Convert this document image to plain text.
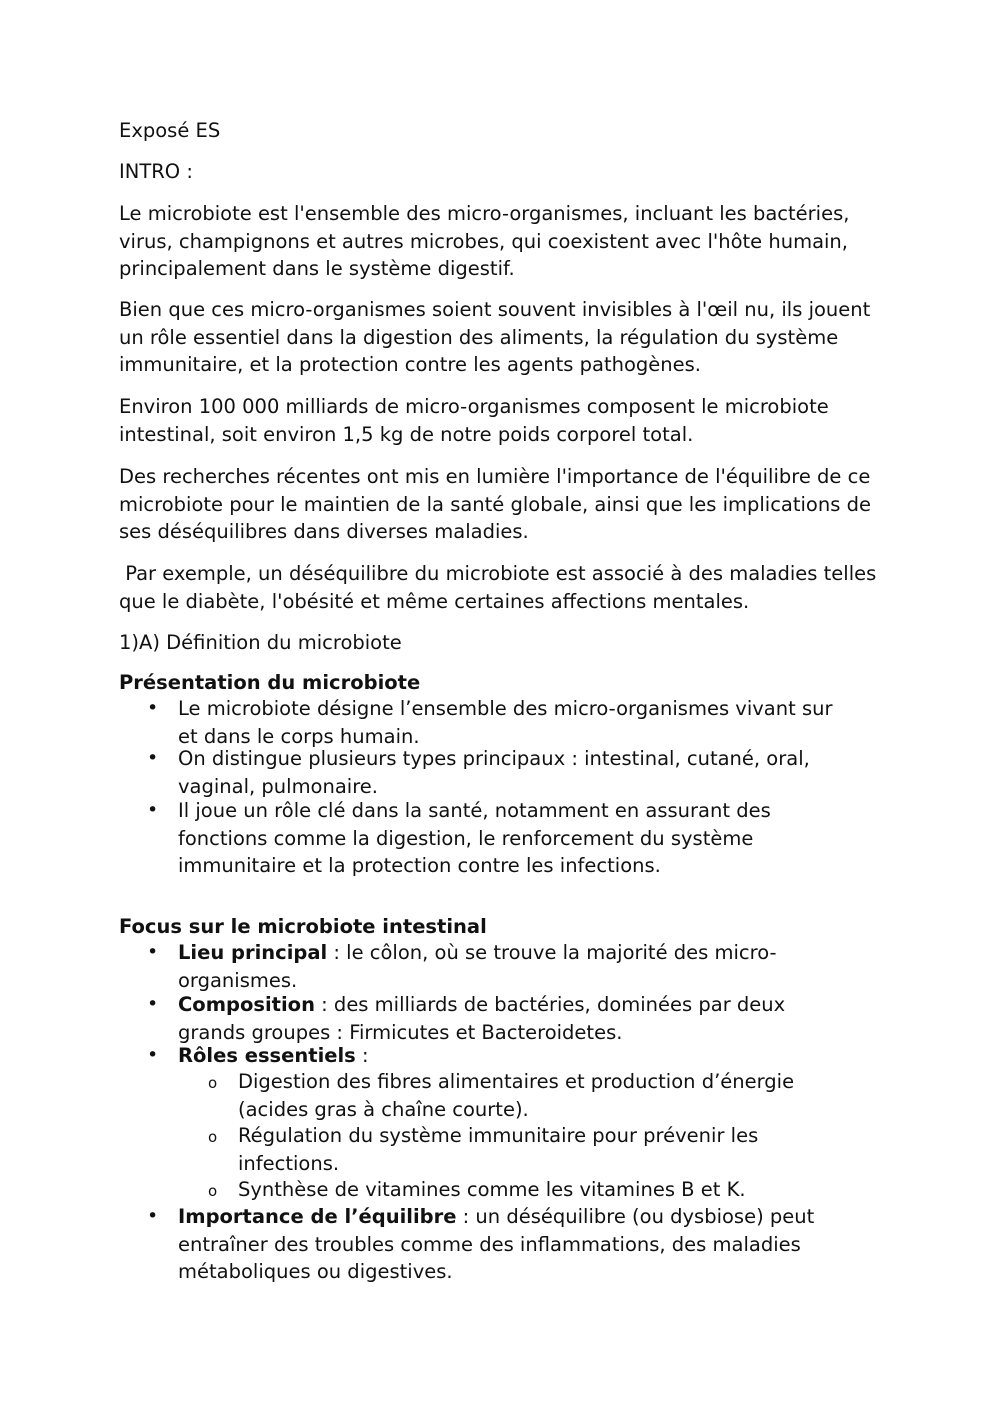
Exposé ES

INTRO :

Le microbiote est l'ensemble des micro-organismes, incluant les bactéries, virus, champignons et autres microbes, qui coexistent avec l'hôte humain, principalement dans le système digestif.

Bien que ces micro-organismes soient souvent invisibles à l'œil nu, ils jouent un rôle essentiel dans la digestion des aliments, la régulation du système immunitaire, et la protection contre les agents pathogènes.

Environ 100 000 milliards de micro-organismes composent le microbiote intestinal, soit environ 1,5 kg de notre poids corporel total.

Des recherches récentes ont mis en lumière l'importance de l'équilibre de ce microbiote pour le maintien de la santé globale, ainsi que les implications de ses déséquilibres dans diverses maladies.

Par exemple, un déséquilibre du microbiote est associé à des maladies telles que le diabète, l'obésité et même certaines affections mentales.

1)A) Définition du microbiote

Présentation du microbiote

• Le microbiote désigne l’ensemble des micro-organismes vivant sur et dans le corps humain.
• On distingue plusieurs types principaux : intestinal, cutané, oral, vaginal, pulmonaire.
• Il joue un rôle clé dans la santé, notamment en assurant des fonctions comme la digestion, le renforcement du système immunitaire et la protection contre les infections.

Focus sur le microbiote intestinal

• Lieu principal : le côlon, où se trouve la majorité des micro-organismes.
• Composition : des milliards de bactéries, dominées par deux grands groupes : Firmicutes et Bacteroidetes.
• Rôles essentiels :
o Digestion des fibres alimentaires et production d’énergie (acides gras à chaîne courte).
o Régulation du système immunitaire pour prévenir les infections.
o Synthèse de vitamines comme les vitamines B et K.
• Importance de l’équilibre : un déséquilibre (ou dysbiose) peut entraîner des troubles comme des inflammations, des maladies métaboliques ou digestives.
